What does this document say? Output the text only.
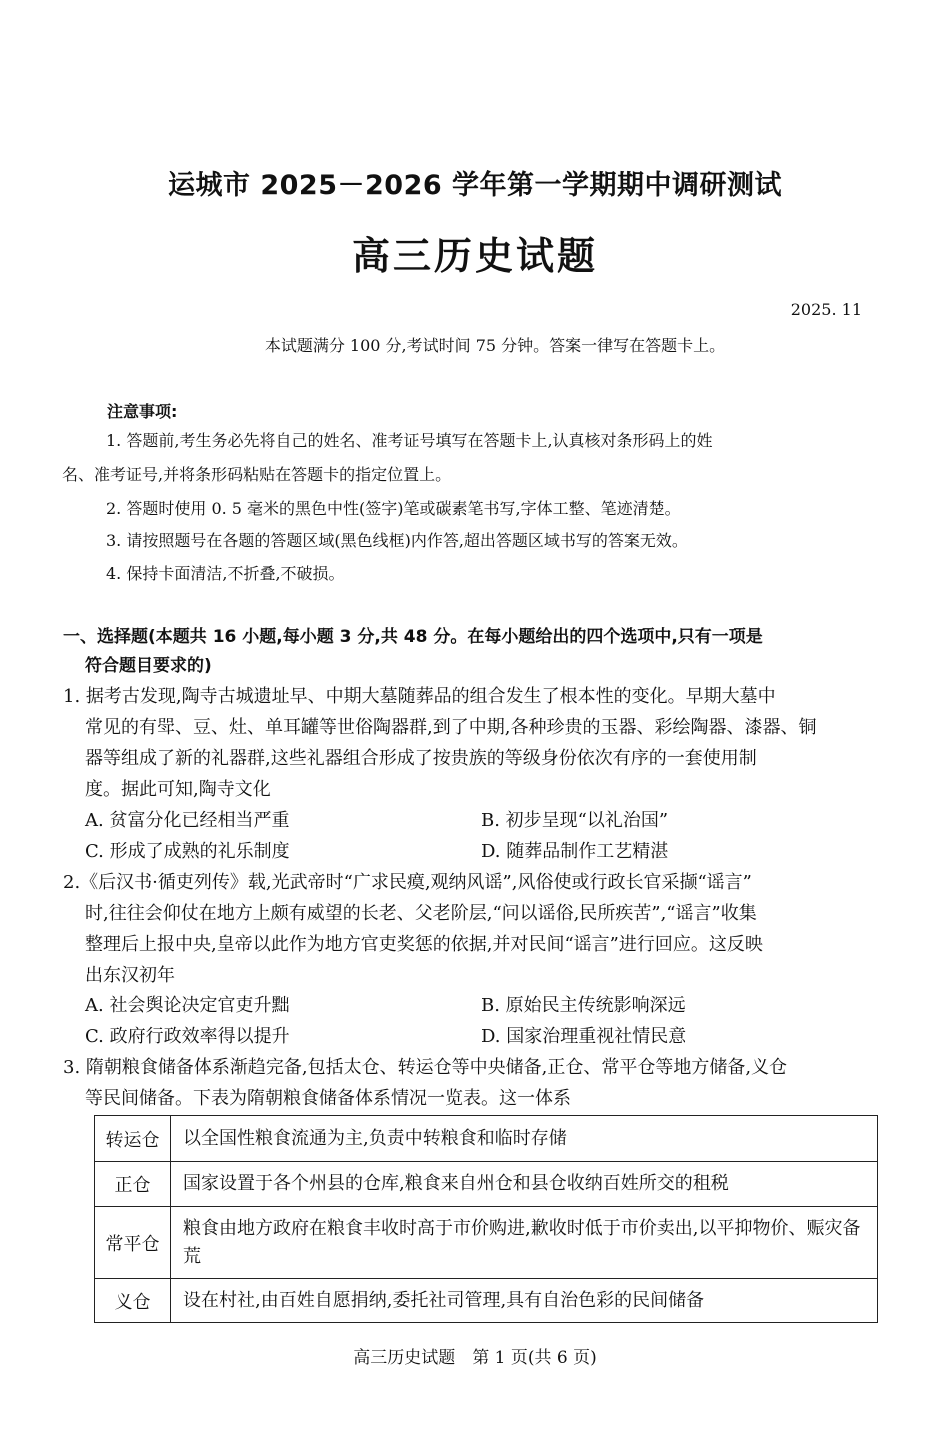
运城市 2025－2026 学年第一学期期中调研测试
高三历史试题
2025. 11
本试题满分 100 分,考试时间 75 分钟。答案一律写在答题卡上。
注意事项:
1. 答题前,考生务必先将自己的姓名、准考证号填写在答题卡上,认真核对条形码上的姓
名、准考证号,并将条形码粘贴在答题卡的指定位置上。
2. 答题时使用 0. 5 毫米的黑色中性(签字)笔或碳素笔书写,字体工整、笔迹清楚。
3. 请按照题号在各题的答题区域(黑色线框)内作答,超出答题区域书写的答案无效。
4. 保持卡面清洁,不折叠,不破损。
一、选择题(本题共 16 小题,每小题 3 分,共 48 分。在每小题给出的四个选项中,只有一项是
符合题目要求的)
1. 据考古发现,陶寺古城遗址早、中期大墓随葬品的组合发生了根本性的变化。早期大墓中
常见的有斝、豆、灶、单耳罐等世俗陶器群,到了中期,各种珍贵的玉器、彩绘陶器、漆器、铜
器等组成了新的礼器群,这些礼器组合形成了按贵族的等级身份依次有序的一套使用制
度。据此可知,陶寺文化
A. 贫富分化已经相当严重	B. 初步呈现“以礼治国”
C. 形成了成熟的礼乐制度	D. 随葬品制作工艺精湛
2.《后汉书·循吏列传》载,光武帝时“广求民瘼,观纳风谣”,风俗使或行政长官采撷“谣言”
时,往往会仰仗在地方上颇有威望的长老、父老阶层,“问以谣俗,民所疾苦”,“谣言”收集
整理后上报中央,皇帝以此作为地方官吏奖惩的依据,并对民间“谣言”进行回应。这反映
出东汉初年
A. 社会舆论决定官吏升黜	B. 原始民主传统影响深远
C. 政府行政效率得以提升	D. 国家治理重视社情民意
3. 隋朝粮食储备体系渐趋完备,包括太仓、转运仓等中央储备,正仓、常平仓等地方储备,义仓
等民间储备。下表为隋朝粮食储备体系情况一览表。这一体系
转运仓	以全国性粮食流通为主,负责中转粮食和临时存储
正仓	国家设置于各个州县的仓库,粮食来自州仓和县仓收纳百姓所交的租税
常平仓	粮食由地方政府在粮食丰收时高于市价购进,歉收时低于市价卖出,以平抑物价、赈灾备荒
义仓	设在村社,由百姓自愿捐纳,委托社司管理,具有自治色彩的民间储备
高三历史试题　第 1 页(共 6 页)
